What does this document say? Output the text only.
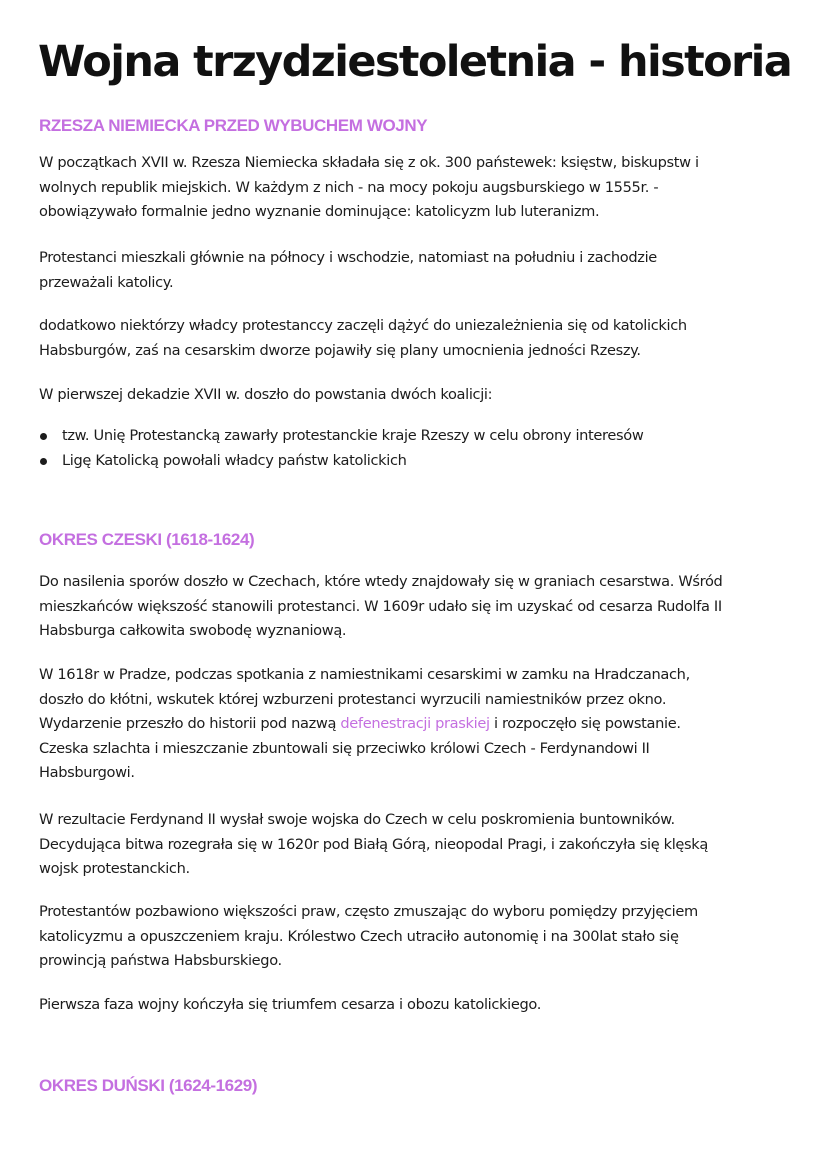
Wojna trzydziestoletnia - historia
RZESZA NIEMIECKA PRZED WYBUCHEM WOJNY

W początkach XVII w. Rzesza Niemiecka składała się z ok. 300 państewek: księstw, biskupstw i
wolnych republik miejskich. W każdym z nich - na mocy pokoju augsburskiego w 1555r. -
obowiązywało formalnie jedno wyznanie dominujące: katolicyzm lub luteranizm.

Protestanci mieszkali głównie na północy i wschodzie, natomiast na południu i zachodzie
przeważali katolicy.

dodatkowo niektórzy władcy protestanccy zaczęli dążyć do uniezależnienia się od katolickich
Habsburgów, zaś na cesarskim dworze pojawiły się plany umocnienia jedności Rzeszy.

W pierwszej dekadzie XVII w. doszło do powstania dwóch koalicji:

tzw. Unię Protestancką zawarły protestanckie kraje Rzeszy w celu obrony interesów
Ligę Katolicką powołali władcy państw katolickich
OKRES CZESKI (1618-1624)

Do nasilenia sporów doszło w Czechach, które wtedy znajdowały się w graniach cesarstwa. Wśród
mieszkańców większość stanowili protestanci. W 1609r udało się im uzyskać od cesarza Rudolfa II
Habsburga całkowita swobodę wyznaniową.

W 1618r w Pradze, podczas spotkania z namiestnikami cesarskimi w zamku na Hradczanach,
doszło do kłótni, wskutek której wzburzeni protestanci wyrzucili namiestników przez okno.
Wydarzenie przeszło do historii pod nazwą defenestracji praskiej i rozpoczęło się powstanie.
Czeska szlachta i mieszczanie zbuntowali się przeciwko królowi Czech - Ferdynandowi II
Habsburgowi.

W rezultacie Ferdynand II wysłał swoje wojska do Czech w celu poskromienia buntowników.
Decydująca bitwa rozegrała się w 1620r pod Białą Górą, nieopodal Pragi, i zakończyła się klęską
wojsk protestanckich.

Protestantów pozbawiono większości praw, często zmuszając do wyboru pomiędzy przyjęciem
katolicyzmu a opuszczeniem kraju. Królestwo Czech utraciło autonomię i na 300lat stało się
prowincją państwa Habsburskiego.

Pierwsza faza wojny kończyła się triumfem cesarza i obozu katolickiego.

OKRES DUŃSKI (1624-1629)
